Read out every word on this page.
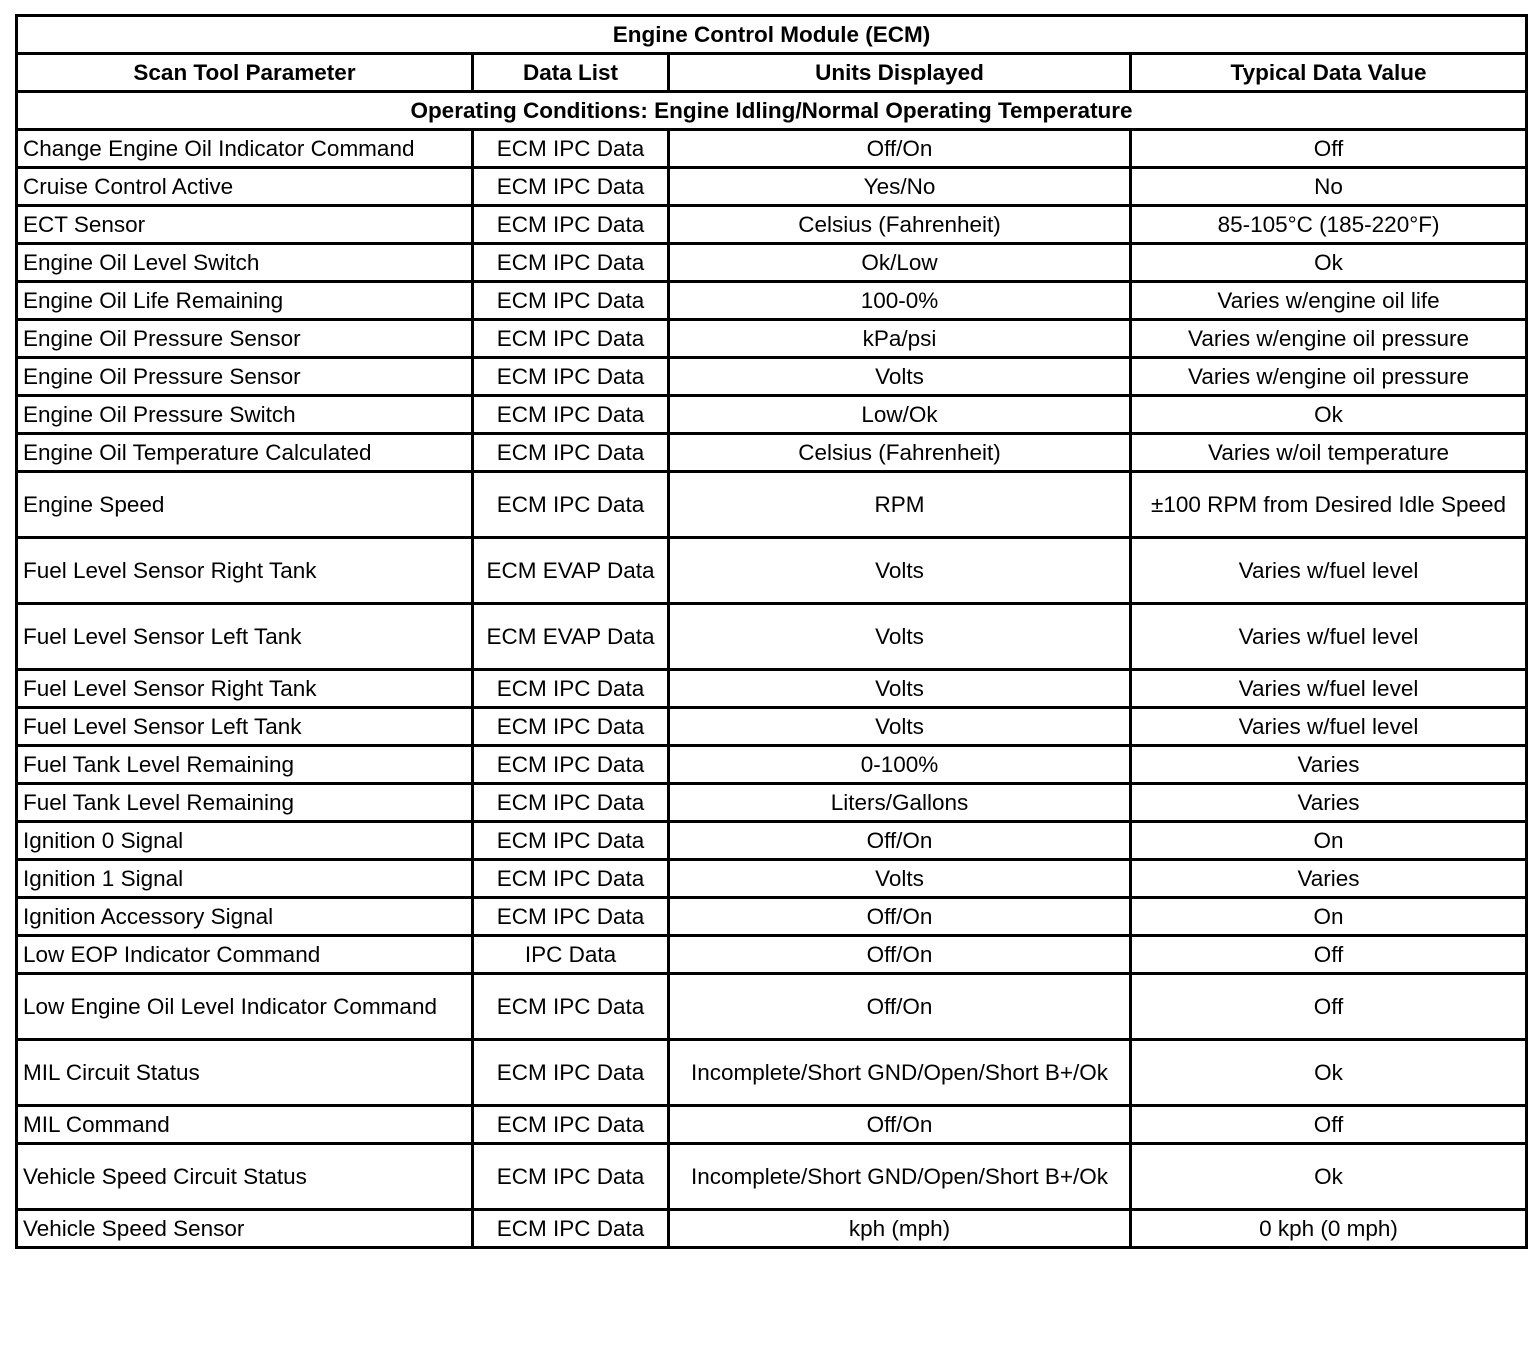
Engine Control Module (ECM)			
Scan Tool Parameter	Data List	Units Displayed	Typical Data Value
Operating Conditions: Engine Idling/Normal Operating Temperature			
Change Engine Oil Indicator Command	ECM IPC Data	Off/On	Off
Cruise Control Active	ECM IPC Data	Yes/No	No
ECT Sensor	ECM IPC Data	Celsius (Fahrenheit)	85-105°C (185-220°F)
Engine Oil Level Switch	ECM IPC Data	Ok/Low	Ok
Engine Oil Life Remaining	ECM IPC Data	100-0%	Varies w/engine oil life
Engine Oil Pressure Sensor	ECM IPC Data	kPa/psi	Varies w/engine oil pressure
Engine Oil Pressure Sensor	ECM IPC Data	Volts	Varies w/engine oil pressure
Engine Oil Pressure Switch	ECM IPC Data	Low/Ok	Ok
Engine Oil Temperature Calculated	ECM IPC Data	Celsius (Fahrenheit)	Varies w/oil temperature
Engine Speed	ECM IPC Data	RPM	±100 RPM from Desired Idle Speed
Fuel Level Sensor Right Tank	ECM EVAP Data	Volts	Varies w/fuel level
Fuel Level Sensor Left Tank	ECM EVAP Data	Volts	Varies w/fuel level
Fuel Level Sensor Right Tank	ECM IPC Data	Volts	Varies w/fuel level
Fuel Level Sensor Left Tank	ECM IPC Data	Volts	Varies w/fuel level
Fuel Tank Level Remaining	ECM IPC Data	0-100%	Varies
Fuel Tank Level Remaining	ECM IPC Data	Liters/Gallons	Varies
Ignition 0 Signal	ECM IPC Data	Off/On	On
Ignition 1 Signal	ECM IPC Data	Volts	Varies
Ignition Accessory Signal	ECM IPC Data	Off/On	On
Low EOP Indicator Command	IPC Data	Off/On	Off
Low Engine Oil Level Indicator Command	ECM IPC Data	Off/On	Off
MIL Circuit Status	ECM IPC Data	Incomplete/Short GND/Open/Short B+/Ok	Ok
MIL Command	ECM IPC Data	Off/On	Off
Vehicle Speed Circuit Status	ECM IPC Data	Incomplete/Short GND/Open/Short B+/Ok	Ok
Vehicle Speed Sensor	ECM IPC Data	kph (mph)	0 kph (0 mph)
